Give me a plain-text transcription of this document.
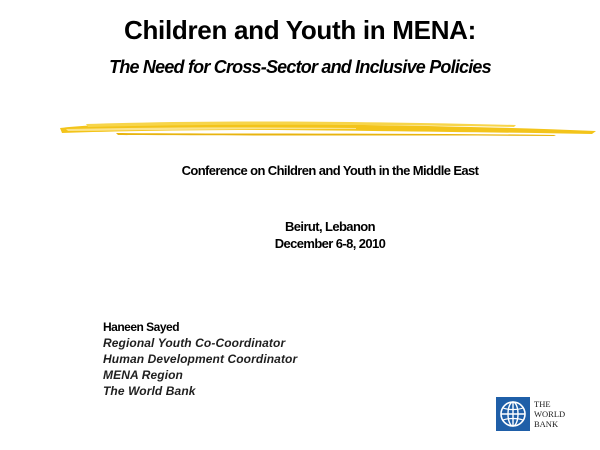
Children and Youth in MENA:
The Need for Cross-Sector and Inclusive Policies
Conference on Children and Youth in the Middle East
Beirut, Lebanon
December 6-8, 2010
Haneen Sayed
Regional Youth Co-Coordinator
Human Development Coordinator
MENA Region
The World Bank
THE
WORLD
BANK
